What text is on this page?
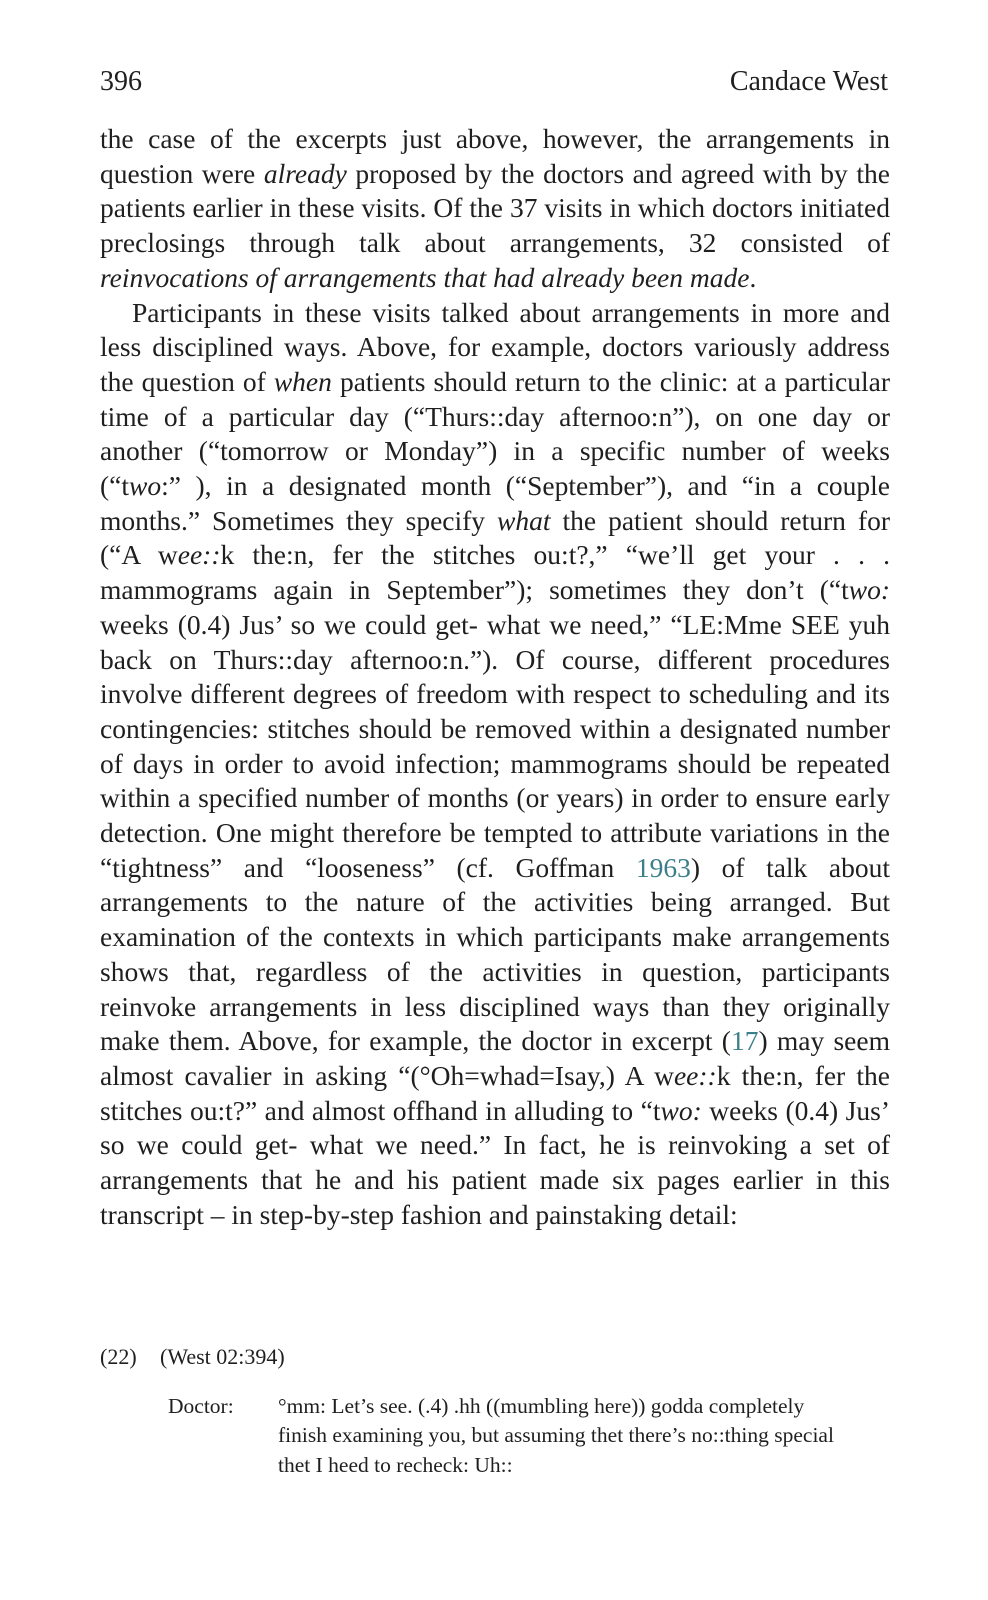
396	Candace West

the case of the excerpts just above, however, the arrangements in question were already proposed by the doctors and agreed with by the patients earlier in these visits. Of the 37 visits in which doctors initiated preclosings through talk about arrangements, 32 consisted of reinvocations of arrangements that had already been made.

Participants in these visits talked about arrangements in more and less disciplined ways. Above, for example, doctors variously address the question of when patients should return to the clinic: at a particular time of a particular day (“Thurs::day afternoo:n”), on one day or another (“tomorrow or Monday”) in a specific number of weeks (“two:” ), in a designated month (“September”), and “in a couple months.” Sometimes they specify what the patient should return for (“A wee::k the:n, fer the stitches ou:t?,” “we’ll get your . . . mammograms again in September”); sometimes they don’t (“two: weeks (0.4) Jus’ so we could get- what we need,” “LE:Mme SEE yuh back on Thurs::day afternoo:n.”). Of course, different procedures involve different degrees of freedom with respect to scheduling and its contingencies: stitches should be removed within a designated number of days in order to avoid infection; mammograms should be repeated within a specified number of months (or years) in order to ensure early detection. One might therefore be tempted to attribute variations in the “tightness” and “looseness” (cf. Goffman 1963) of talk about arrangements to the nature of the activities being arranged. But examination of the contexts in which participants make arrangements shows that, regardless of the activities in question, participants reinvoke arrangements in less disciplined ways than they originally make them. Above, for example, the doctor in excerpt (17) may seem almost cavalier in asking “(°Oh=whad=Isay,) A wee::k the:n, fer the stitches ou:t?” and almost offhand in alluding to “two: weeks (0.4) Jus’ so we could get- what we need.” In fact, he is reinvoking a set of arrangements that he and his patient made six pages earlier in this transcript – in step-by-step fashion and painstaking detail:

(22)	(West 02:394)
Doctor:	°mm: Let’s see. (.4) .hh ((mumbling here)) godda completely finish examining you, but assuming thet there’s no::thing special thet I heed to recheck: Uh::
